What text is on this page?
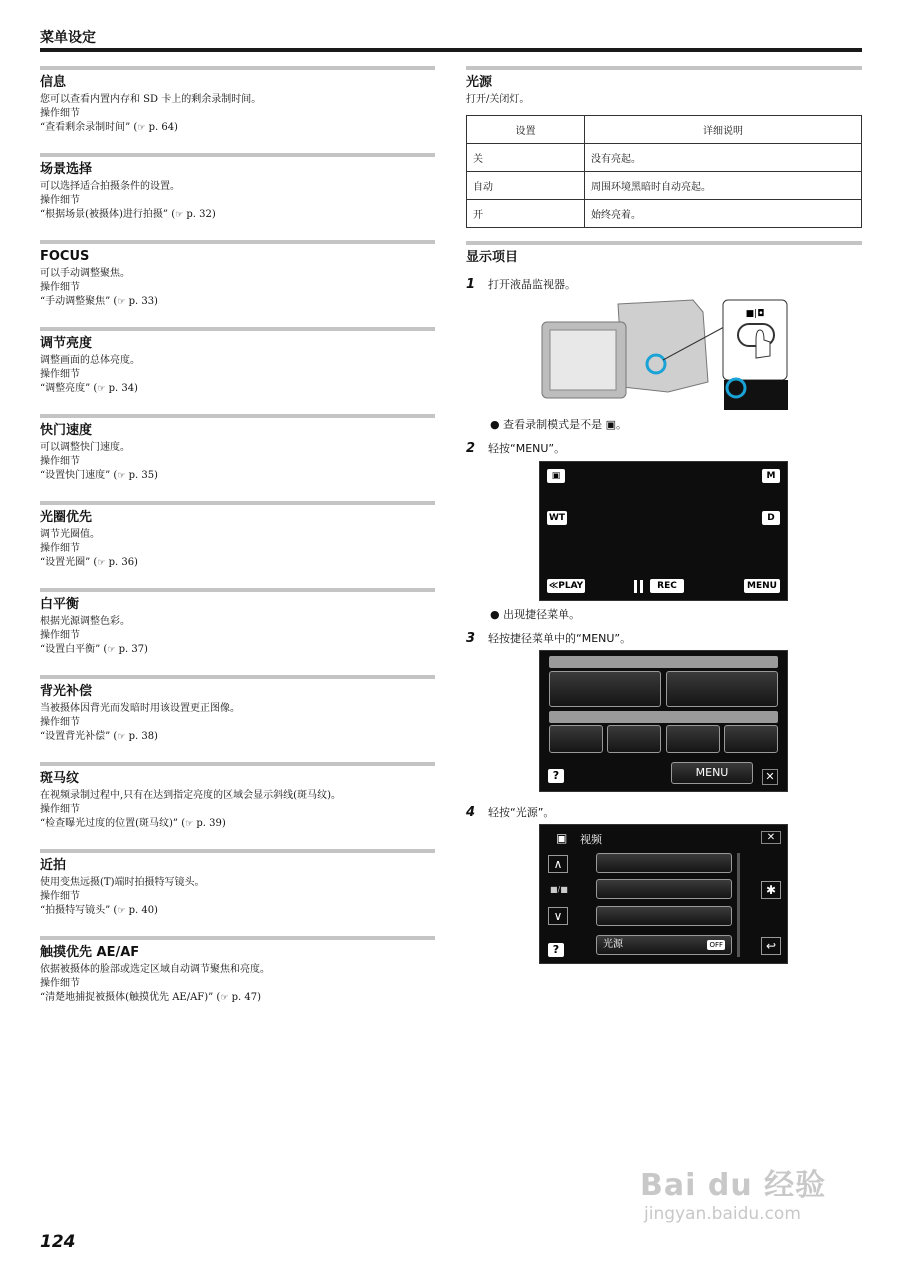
菜单设定
信息
您可以查看内置内存和 SD 卡上的剩余录制时间。
操作细节
“查看剩余录制时间” (☞ p. 64)
场景选择
可以选择适合拍摄条件的设置。
操作细节
“根据场景(被摄体)进行拍摄” (☞ p. 32)
FOCUS
可以手动调整聚焦。
操作细节
“手动调整聚焦” (☞ p. 33)
调节亮度
调整画面的总体亮度。
操作细节
“调整亮度” (☞ p. 34)
快门速度
可以调整快门速度。
操作细节
“设置快门速度” (☞ p. 35)
光圈优先
调节光圈值。
操作细节
“设置光圈” (☞ p. 36)
白平衡
根据光源调整色彩。
操作细节
“设置白平衡” (☞ p. 37)
背光补偿
当被摄体因背光而发暗时用该设置更正图像。
操作细节
“设置背光补偿” (☞ p. 38)
斑马纹
在视频录制过程中,只有在达到指定亮度的区域会显示斜线(斑马纹)。
操作细节
“检查曝光过度的位置(斑马纹)” (☞ p. 39)
近拍
使用变焦远摄(T)端时拍摄特写镜头。
操作细节
“拍摄特写镜头” (☞ p. 40)
触摸优先 AE/AF
依据被摄体的脸部或选定区域自动调节聚焦和亮度。
操作细节
“清楚地捕捉被摄体(触摸优先 AE/AF)” (☞ p. 47)
光源
打开/关闭灯。
设置	详细说明
关	没有亮起。
自动	周围环境黑暗时自动亮起。
开	始终亮着。
显示项目
1	打开液晶监视器。
■|◘
● 查看录制模式是不是 ▣。
2	轻按“MENU”。
▣	M
WT	D
≪PLAY	REC	MENU
● 出现捷径菜单。
3	轻按捷径菜单中的“MENU”。
?	MENU	✕
4	轻按“光源”。
▣ 视频	✕
∧
■/■
∨
?	光源	OFF
✱
↩
124
Bai du 经验
jingyan.baidu.com
